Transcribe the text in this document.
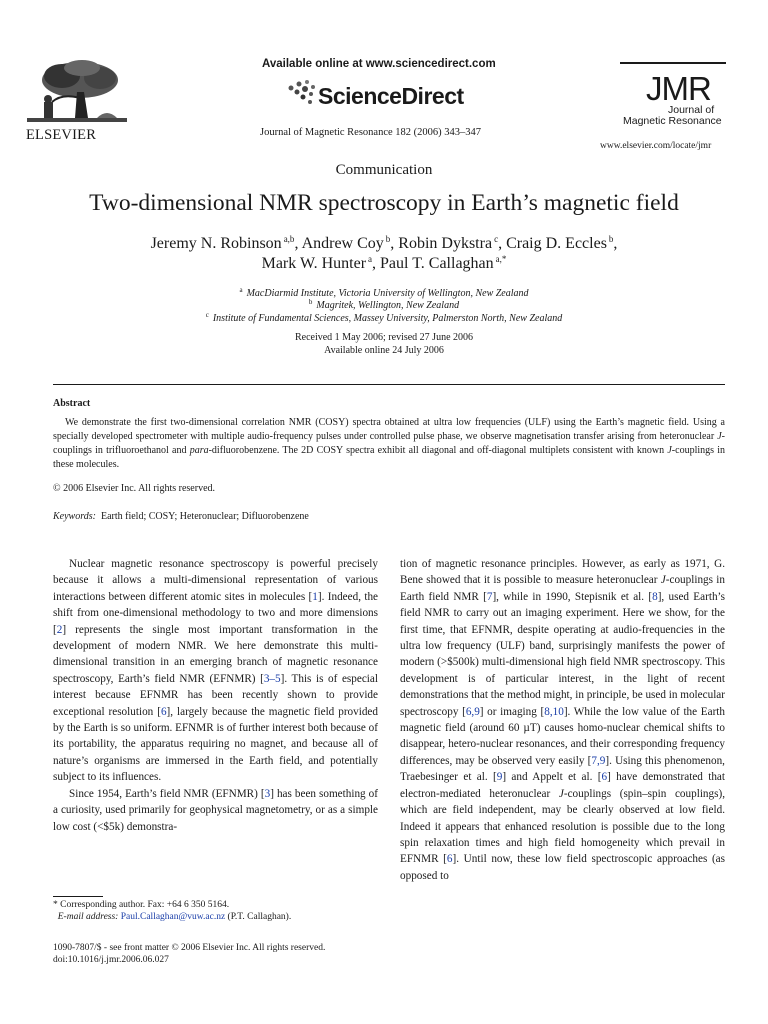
ELSEVIER
Available online at www.sciencedirect.com
ScienceDirect
Journal of Magnetic Resonance 182 (2006) 343–347
JMR
Journal of
Magnetic Resonance
www.elsevier.com/locate/jmr
Communication
Two-dimensional NMR spectroscopy in Earth’s magnetic field
Jeremy N. Robinson $^{a,b}$, Andrew Coy $^b$, Robin Dykstra $^c$, Craig D. Eccles $^b$,
Mark W. Hunter $^a$, Paul T. Callaghan $^{a,*}$
$^a$ MacDiarmid Institute, Victoria University of Wellington, New Zealand
$^b$ Magritek, Wellington, New Zealand
$^c$ Institute of Fundamental Sciences, Massey University, Palmerston North, New Zealand
Received 1 May 2006; revised 27 June 2006
Available online 24 July 2006
Abstract

We demonstrate the first two-dimensional correlation NMR (COSY) spectra obtained at ultra low frequencies (ULF) using the Earth’s magnetic field. Using a specially developed spectrometer with multiple audio-frequency pulses under controlled pulse phase, we observe magnetisation transfer arising from heteronuclear J-couplings in trifluoroethanol and para-difluorobenzene. The 2D COSY spectra exhibit all diagonal and off-diagonal multiplets consistent with known J-couplings in these molecules.

© 2006 Elsevier Inc. All rights reserved.
Keywords: Earth field; COSY; Heteronuclear; Difluorobenzene

Nuclear magnetic resonance spectroscopy is powerful precisely because it allows a multi-dimensional representation of various interactions between different atomic sites in molecules [1]. Indeed, the shift from one-dimensional methodology to two and more dimensions [2] represents the single most important transformation in the development of modern NMR. We here demonstrate this multi-dimensional transition in an emerging branch of magnetic resonance spectroscopy, Earth’s field NMR (EFNMR) [3–5]. This is of especial interest because EFNMR has been recently shown to provide exceptional resolution [6], largely because the magnetic field provided by the Earth is so uniform. EFNMR is of further interest both because of its portability, the apparatus requiring no magnet, and because all of nature’s organisms are immersed in the Earth field, and potentially subject to its influences.

Since 1954, Earth’s field NMR (EFNMR) [3] has been something of a curiosity, used primarily for geophysical magnetometry, or as a simple low cost (<$5k) demonstra-

tion of magnetic resonance principles. However, as early as 1971, G. Bene showed that it is possible to measure heteronuclear J-couplings in Earth field NMR [7], while in 1990, Stepisnik et al. [8], used Earth’s field NMR to carry out an imaging experiment. Here we show, for the first time, that EFNMR, despite operating at audio-frequencies in the ultra low frequency (ULF) band, surprisingly manifests the power of modern (>$500k) multi-dimensional high field NMR spectroscopy. This development is of particular interest, in the light of recent demonstrations that the method might, in principle, be used in molecular spectroscopy [6,9] or imaging [8,10]. While the low value of the Earth magnetic field (around 60 µT) causes homo-nuclear chemical shifts to disappear, hetero-nuclear resonances, and their corresponding frequency differences, may be observed very easily [7,9]. Using this phenomenon, Traebesinger et al. [9] and Appelt et al. [6] have demonstrated that electron-mediated heteronuclear J-couplings (spin–spin couplings), which are field independent, may be clearly observed at low field. Indeed it appears that enhanced resolution is possible due to the long spin relaxation times and high field homogeneity which prevail in EFNMR [6]. Until now, these low field spectroscopic approaches (as opposed to

* Corresponding author. Fax: +64 6 350 5164.
E-mail address: Paul.Callaghan@vuw.ac.nz (P.T. Callaghan).
1090-7807/$ - see front matter © 2006 Elsevier Inc. All rights reserved.
doi:10.1016/j.jmr.2006.06.027
